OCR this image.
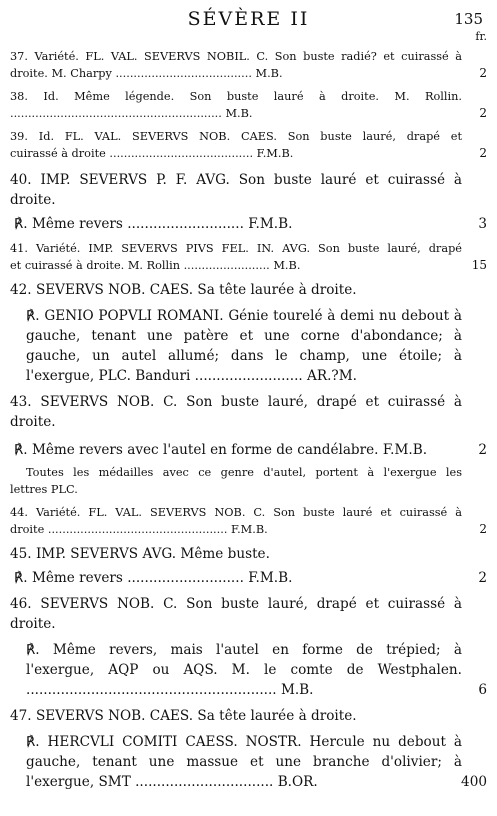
SÉVÈRE II	135
fr.
37. Variété. FL. VAL. SEVERVS NOBIL. C. Son buste radié? et cuirassé à
droite. M. Charpy ...................................... M.B.	2
38. Id. Même légende. Son buste lauré à droite. M. Rollin.
........................................................... M.B.	2
39. Id. FL. VAL. SEVERVS NOB. CAES. Son buste lauré, drapé et
cuirassé à droite ........................................ F.M.B.	2
40. IMP. SEVERVS P. F. AVG. Son buste lauré et cuirassé à
droite.
℟. Même revers ........................... F.M.B.	3
41. Variété. IMP. SEVERVS PIVS FEL. IN. AVG. Son buste lauré, drapé
et cuirassé à droite. M. Rollin ........................ M.B.	15
42. SEVERVS NOB. CAES. Sa tête laurée à droite.
℟. GENIO POPVLI ROMANI. Génie tourelé à demi nu debout à
gauche, tenant une patère et une corne d'abondance; à
gauche, un autel allumé; dans le champ, une étoile; à
l'exergue, PLC. Banduri ......................... AR.?M.
43. SEVERVS NOB. C. Son buste lauré, drapé et cuirassé à
droite.
℟. Même revers avec l'autel en forme de candélabre. F.M.B.	2
Toutes les médailles avec ce genre d'autel, portent à l'exergue les
lettres PLC.
44. Variété. FL. VAL. SEVERVS NOB. C. Son buste lauré et cuirassé à
droite .................................................. F.M.B.	2
45. IMP. SEVERVS AVG. Même buste.
℟. Même revers ........................... F.M.B.	2
46. SEVERVS NOB. C. Son buste lauré, drapé et cuirassé à
droite.
℟. Même revers, mais l'autel en forme de trépied; à
l'exergue, AQP ou AQS. M. le comte de Westphalen.
.......................................................... M.B.	6
47. SEVERVS NOB. CAES. Sa tête laurée à droite.
℟. HERCVLI COMITI CAESS. NOSTR. Hercule nu debout à
gauche, tenant une massue et une branche d'olivier; à
l'exergue, SMT ................................ B.OR.	400
